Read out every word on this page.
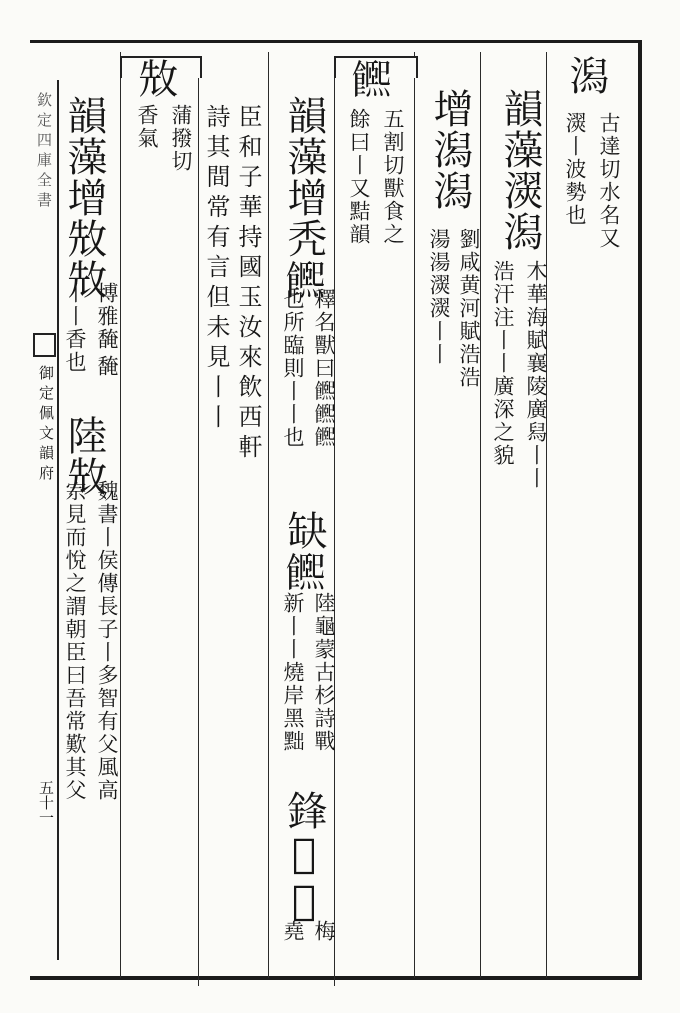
潟
古達切水名又
㵤丨波勢也
韻藻㵤潟
木華海賦襄陵廣舄丨丨
浩汗注丨丨廣深之貌
增潟潟
劉咸黄河賦浩浩
湯湯㵤㵤丨丨
𩟄
五割切獸食之
餘曰丨又黠韻
韻藻增秃𩟄
釋名獸曰𩟄𩟄𩟄
也所臨則丨丨也
缺𩟄
陸龜蒙古杉詩戰
新丨丨燒岸黑黜
鋒𤕫𩟄
梅
堯
臣和子華持國玉汝來飲西軒
詩其間常有言但未見丨丨
㪇
蒲撥切
香氣
韻藻增㪇㪇
博雅馣
丨丨香也 馣
陸㪇
魏書丨侯傳長子丨多智有父風高
宗見而悅之謂朝臣曰吾常歎其父
欽定四庫全書
御定佩文韻府
五十一
